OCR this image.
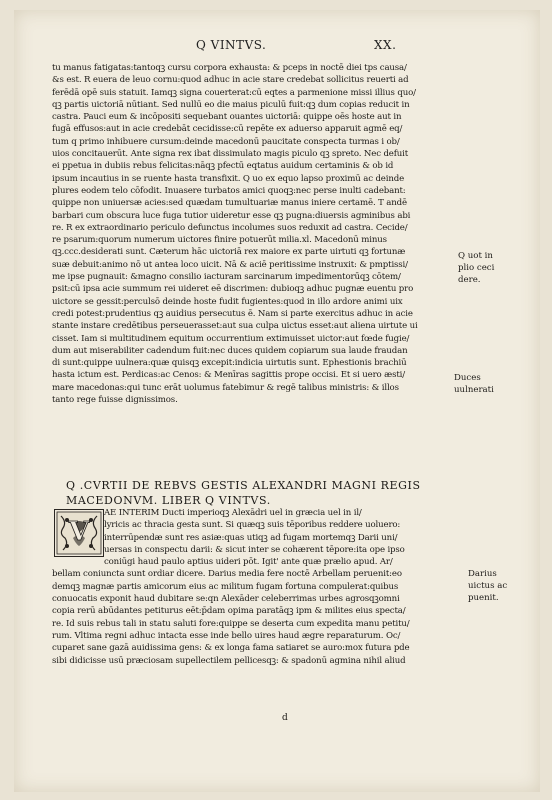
Q VINTVS.	XX.
tu manus fatigatas:tantoqꝫ cursu corpora exhausta: & pceps in noctē diei tps causa/
&s est. R euera de leuo cornu:quod adhuc in acie stare credebat sollicitus reuerti ad
ferēdā opē suis statuit. Iamqꝫ signa couerterat:cū eqtes a parmenione missi illius quo/
qꝫ partis uictoriā nūtiant. Sed nullū eo die maius piculū fuit:qꝫ dum copias reducit in
castra. Pauci eum & incōpositi sequebant ouantes uictoriā: quippe oēs hoste aut in
fugā effusos:aut in acie credebāt cecidisse:cū repēte ex aduerso apparuit agmē eq/
tum q primo inhibuere cursum:deinde macedonū paucitate conspecta turmas i ob/
uios concitauerūt. Ante signa rex ibat dissimulato magis piculo qꝫ spreto. Nec defuit
ei ppetua in dubiis rebus felicitas:nāqꝫ pfectū eqtatus auidum certaminis & ob id
ipsum incautius in se ruente hasta transfixit. Q uo ex equo lapso proximū ac deinde
plures eodem telo cōfodit. Inuasere turbatos amici quoqꝫ:nec perse inulti cadebant:
quippe non uniuersæ acies:sed quædam tumultuariæ manus iniere certamē. T andē
barbari cum obscura luce fuga tutior uideretur esse qꝫ pugna:diuersis agminibus abi
re. R ex extraordinario periculo defunctus incolumes suos reduxit ad castra. Cecide/
re psarum:quorum numerum uictores finire potuerūt milia.xl. Macedonū minus
qꝫ.ccc.desiderati sunt. Cæterum hāc uictoriā rex maiore ex parte uirtuti qꝫ fortunæ
suæ debuit:animo nō ut antea loco uicit. Nā & aciē peritissime instruxit: & pmptissi/
me ipse pugnauit: &magno consilio iacturam sarcinarum impedimentorūqꝫ cōtem/
psit:cū ipsa acie summum rei uideret eē discrimen: dubioqꝫ adhuc pugnæ euentu pro
uictore se gessit:perculsō deinde hoste fudit fugientes:quod in illo ardore animi uix
credi potest:prudentius qꝫ auidius persecutus ē. Nam si parte exercitus adhuc in acie
stante instare credētibus perseuerasset:aut sua culpa uictus esset:aut aliena uirtute ui
cisset. Iam si multitudinem equitum occurrentium extimuisset uictor:aut fœde fugie/
dum aut miserabiliter cadendum fuit:nec duces quidem copiarum sua laude fraudan
di sunt:quippe uulnera:quæ quisqꝫ excepit:indicia uirtutis sunt. Ephestionis brachiū
hasta ictum est. Perdicas:ac Cenos: & Menīras sagittis prope occisi. Et si uero æsti/
mare macedonas:qui tunc erāt uolumus fatebimur & regē talibus ministris: & illos
tanto rege fuisse dignissimos.
Q uot in
plio ceci
dere.
Duces
uulnerati
Q .CVRTII DE REBVS GESTIS ALEXANDRI MAGNI REGIS
MACEDONVM. LIBER Q VINTVS.
V
AE INTERIM Ducti imperioqꝫ Alexādri uel in græcia uel in il/
lyricis ac thracia gesta sunt. Si quæqꝫ suis tēporibus reddere uoluero:
interrūpendæ sunt res asiæ:quas utiqꝫ ad fugam mortemqꝫ Darii uni/
uersas in conspectu darii: & sicut inter se cohærent tēpore:ita ope ipso
coniūgi haud paulo aptius uideri pōt. Igit' ante quæ prælio apud. Ar/
bellam coniuncta sunt ordiar dicere. Darius media fere noctē Arbellam peruenit:eo
demqꝫ magnæ partis amicorum eius ac militum fugam fortuna compulerat:quibus
conuocatis exponit haud dubitare se:qn Alexāder celeberrimas urbes agrosqꝫomni
copia rerū abūdantes petiturus eēt:p̄dam opima paratāqꝫ ipm & milites eius specta/
re. Id suis rebus tali in statu saluti fore:quippe se deserta cum expedita manu petitu/
rum. Vltima regni adhuc intacta esse inde bello uires haud ægre reparaturum. Oc/
cuparet sane gazā auidissima gens: & ex longa fama satiaret se auro:mox futura pde
sibi didicisse usū præciosam supellectilem pellicesqꝫ: & spadonū agmina nihil aliud
Darius
uictus ac
puenit.
d
